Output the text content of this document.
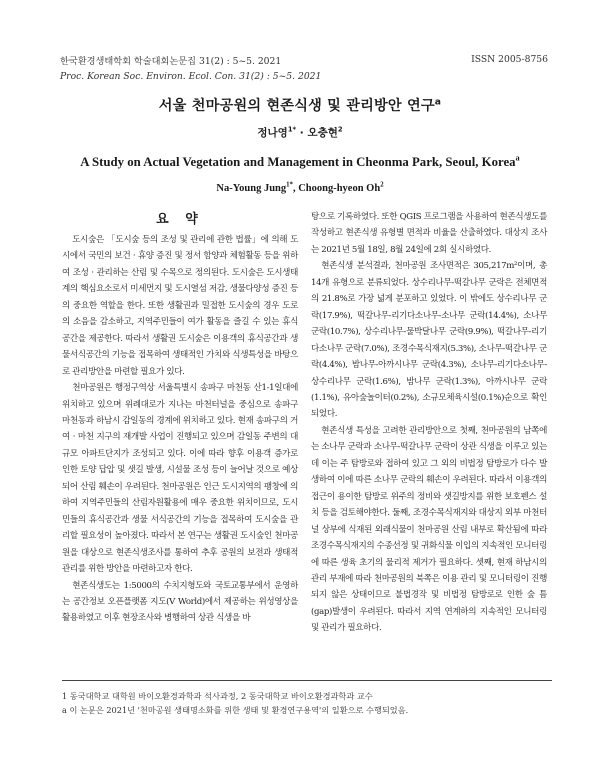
한국환경생태학회 학술대회논문집 31(2) : 5~5. 2021
Proc. Korean Soc. Environ. Ecol. Con. 31(2) : 5~5. 2021
ISSN 2005-8756
서울 천마공원의 현존식생 및 관리방안 연구$^a$
정나영$^{1*}$ · 오충현$^2$
A Study on Actual Vegetation and Management in Cheonma Park, Seoul, Korea$^a$
Na-Young Jung$^{1*}$, Choong-hyeon Oh$^2$
요 약

도시숲은 「도시숲 등의 조성 및 관리에 관한 법률」에 의해 도시에서 국민의 보건 · 휴양 증진 및 정서 함양과 체험활동 등을 위하여 조성 · 관리하는 산림 및 수목으로 정의된다. 도시숲은 도시생태계의 핵심요소로서 미세먼지 및 도시열섬 저감, 생물다양성 증진 등의 중요한 역할을 한다. 또한 생활권과 밀접한 도시숲의 경우 도로의 소음을 감소하고, 지역주민들이 여가 활동을 즐길 수 있는 휴식공간을 제공한다. 따라서 생활권 도시숲은 이용객의 휴식공간과 생물서식공간의 기능을 접목하여 생태적인 가치와 식생특성을 바탕으로 관리방안을 마련할 필요가 있다.

천마공원은 행정구역상 서울특별시 송파구 마천동 산1-1일대에 위치하고 있으며 위례대로가 지나는 마천터널을 중심으로 송파구 마천동과 하남시 감일동의 경계에 위치하고 있다. 현재 송파구의 거여 · 마천 지구의 재개발 사업이 진행되고 있으며 감일동 주변의 대규모 아파트단지가 조성되고 있다. 이에 따라 향후 이용객 증가로 인한 토양 답압 및 샛길 발생, 시설물 조성 등이 늘어날 것으로 예상되어 산림 훼손이 우려된다. 천마공원은 인근 도시지역의 팽창에 의하여 지역주민들의 산림자원활용에 매우 중요한 위치이므로, 도시민들의 휴식공간과 생물 서식공간의 기능을 접목하여 도시숲을 관리할 필요성이 높아졌다. 따라서 본 연구는 생활권 도시숲인 천마공원을 대상으로 현존식생조사를 통하여 추후 공원의 보전과 생태적 관리를 위한 방안을 마련하고자 한다.

현존식생도는 1:5000의 수치지형도와 국토교통부에서 운영하는 공간정보 오픈플랫폼 지도(V World)에서 제공하는 위성영상을 활용하였고 이후 현장조사와 병행하여 상관 식생을 바

탕으로 기록하였다. 또한 QGIS 프로그램을 사용하여 현존식생도를 작성하고 현존식생 유형별 면적과 비율을 산출하였다. 대상지 조사는 2021년 5월 18일, 8월 24일에 2회 실시하였다.

현존식생 분석결과, 천마공원 조사면적은 305,217m²이며, 총 14개 유형으로 분류되었다. 상수리나무-떡갈나무 군락은 전체면적의 21.8%로 가장 넓게 분포하고 있었다. 이 밖에도 상수리나무 군락(17.9%), 떡갈나무-리기다소나무-소나무 군락(14.4%), 소나무 군락(10.7%), 상수리나무-물박달나무 군락(9.9%), 떡갈나무-리기다소나무 군락(7.0%), 조경수목식재지(5.3%), 소나무-떡갈나무 군락(4.4%), 밤나무-아까시나무 군락(4.3%), 소나무-리기다소나무-상수리나무 군락(1.6%), 밤나무 군락(1.3%), 아까시나무 군락(1.1%), 유아숲놀이터(0.2%), 소규모체육시설(0.1%)순으로 확인되었다.

현존식생 특성을 고려한 관리방안으로 첫째, 천마공원의 남쪽에는 소나무 군락과 소나무-떡갈나무 군락이 상관 식생을 이루고 있는데 이는 주 탐방로와 접하여 있고 그 외의 비법정 탐방로가 다수 발생하여 이에 따른 소나무 군락의 훼손이 우려된다. 따라서 이용객의 접근이 용이한 탐방로 위주의 정비와 샛길방지를 위한 보호펜스 설치 등을 검토해야한다. 둘째, 조경수목식재지와 대상지 외부 마천터널 상부에 식재된 외래식물이 천마공원 산림 내부로 확산됨에 따라 조경수목식재지의 수종선정 및 귀화식물 이입의 지속적인 모니터링에 따른 생육 초기의 물리적 제거가 필요하다. 셋째, 현재 하남시의 관리 부재에 따라 천마공원의 북쪽은 이용 관리 및 모니터링이 진행되지 않은 상태이므로 불법경작 및 비법정 탐방로로 인한 숲 틈(gap)발생이 우려된다. 따라서 지역 연계하의 지속적인 모니터링 및 관리가 필요하다.

1 동국대학교 대학원 바이오환경과학과 석사과정, 2 동국대학교 바이오환경과학과 교수
a 이 논문은 2021년 '천마공원 생태명소화를 위한 생태 및 환경연구용역'의 일환으로 수행되었음.
